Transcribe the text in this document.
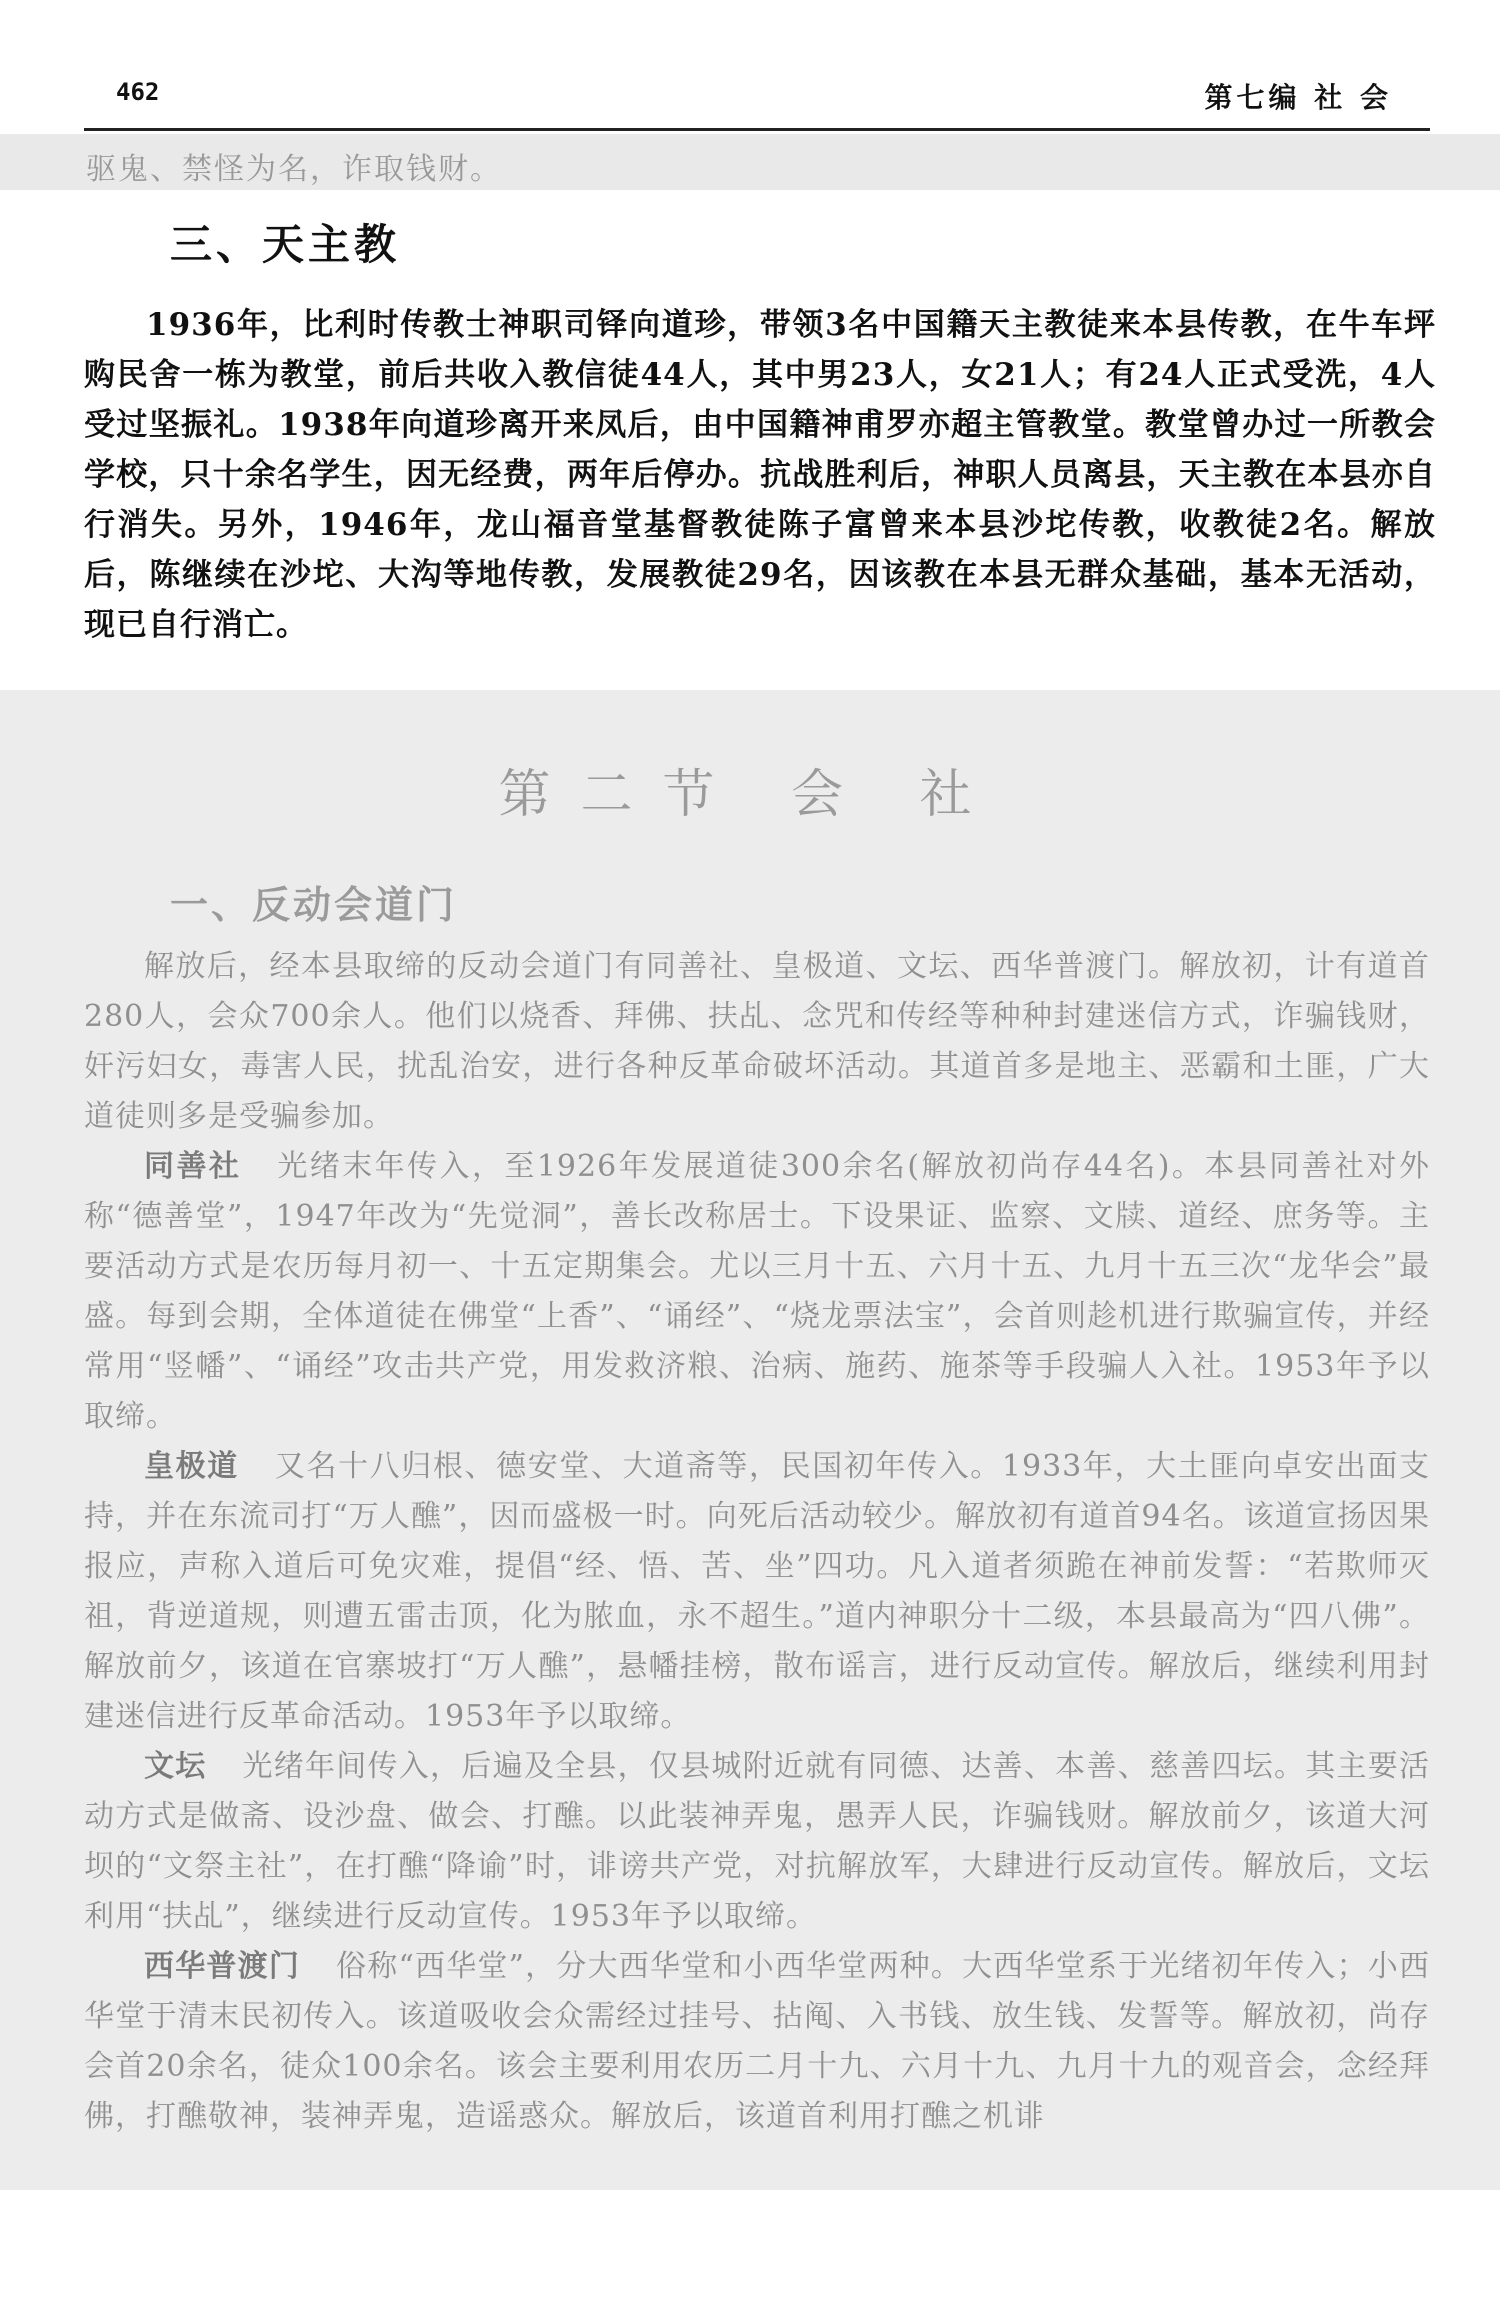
462	第七编 社 会

驱鬼、禁怪为名，诈取钱财。

三、天主教

1936年，比利时传教士神职司铎向道珍，带领3名中国籍天主教徒来本县传教，在牛车坪购民舍一栋为教堂，前后共收入教信徒44人，其中男23人，女21人；有24人正式受洗，4人受过坚振礼。1938年向道珍离开来凤后，由中国籍神甫罗亦超主管教堂。教堂曾办过一所教会学校，只十余名学生，因无经费，两年后停办。抗战胜利后，神职人员离县，天主教在本县亦自行消失。另外，1946年，龙山福音堂基督教徒陈子富曾来本县沙坨传教，收教徒2名。解放后，陈继续在沙坨、大沟等地传教，发展教徒29名，因该教在本县无群众基础，基本无活动，现已自行消亡。

第二节 会 社
一、反动会道门

解放后，经本县取缔的反动会道门有同善社、皇极道、文坛、西华普渡门。解放初，计有道首280人，会众700余人。他们以烧香、拜佛、扶乩、念咒和传经等种种封建迷信方式，诈骗钱财，奸污妇女，毒害人民，扰乱治安，进行各种反革命破坏活动。其道首多是地主、恶霸和土匪，广大道徒则多是受骗参加。

同善社 光绪末年传入，至1926年发展道徒300余名(解放初尚存44名)。本县同善社对外称“德善堂”，1947年改为“先觉洞”，善长改称居士。下设果证、监察、文牍、道经、庶务等。主要活动方式是农历每月初一、十五定期集会。尤以三月十五、六月十五、九月十五三次“龙华会”最盛。每到会期，全体道徒在佛堂“上香”、“诵经”、“烧龙票法宝”，会首则趁机进行欺骗宣传，并经常用“竖幡”、“诵经”攻击共产党，用发救济粮、治病、施药、施茶等手段骗人入社。1953年予以取缔。

皇极道 又名十八归根、德安堂、大道斋等，民国初年传入。1933年，大土匪向卓安出面支持，并在东流司打“万人醮”，因而盛极一时。向死后活动较少。解放初有道首94名。该道宣扬因果报应，声称入道后可免灾难，提倡“经、悟、苦、坐”四功。凡入道者须跪在神前发誓：“若欺师灭祖，背逆道规，则遭五雷击顶，化为脓血，永不超生。”道内神职分十二级，本县最高为“四八佛”。解放前夕，该道在官寨坡打“万人醮”，悬幡挂榜，散布谣言，进行反动宣传。解放后，继续利用封建迷信进行反革命活动。1953年予以取缔。

文坛 光绪年间传入，后遍及全县，仅县城附近就有同德、达善、本善、慈善四坛。其主要活动方式是做斋、设沙盘、做会、打醮。以此装神弄鬼，愚弄人民，诈骗钱财。解放前夕，该道大河坝的“文祭主社”，在打醮“降谕”时，诽谤共产党，对抗解放军，大肆进行反动宣传。解放后，文坛利用“扶乩”，继续进行反动宣传。1953年予以取缔。

西华普渡门 俗称“西华堂”，分大西华堂和小西华堂两种。大西华堂系于光绪初年传入；小西华堂于清末民初传入。该道吸收会众需经过挂号、拈阄、入书钱、放生钱、发誓等。解放初，尚存会首20余名，徒众100余名。该会主要利用农历二月十九、六月十九、九月十九的观音会，念经拜佛，打醮敬神，装神弄鬼，造谣惑众。解放后，该道首利用打醮之机诽
